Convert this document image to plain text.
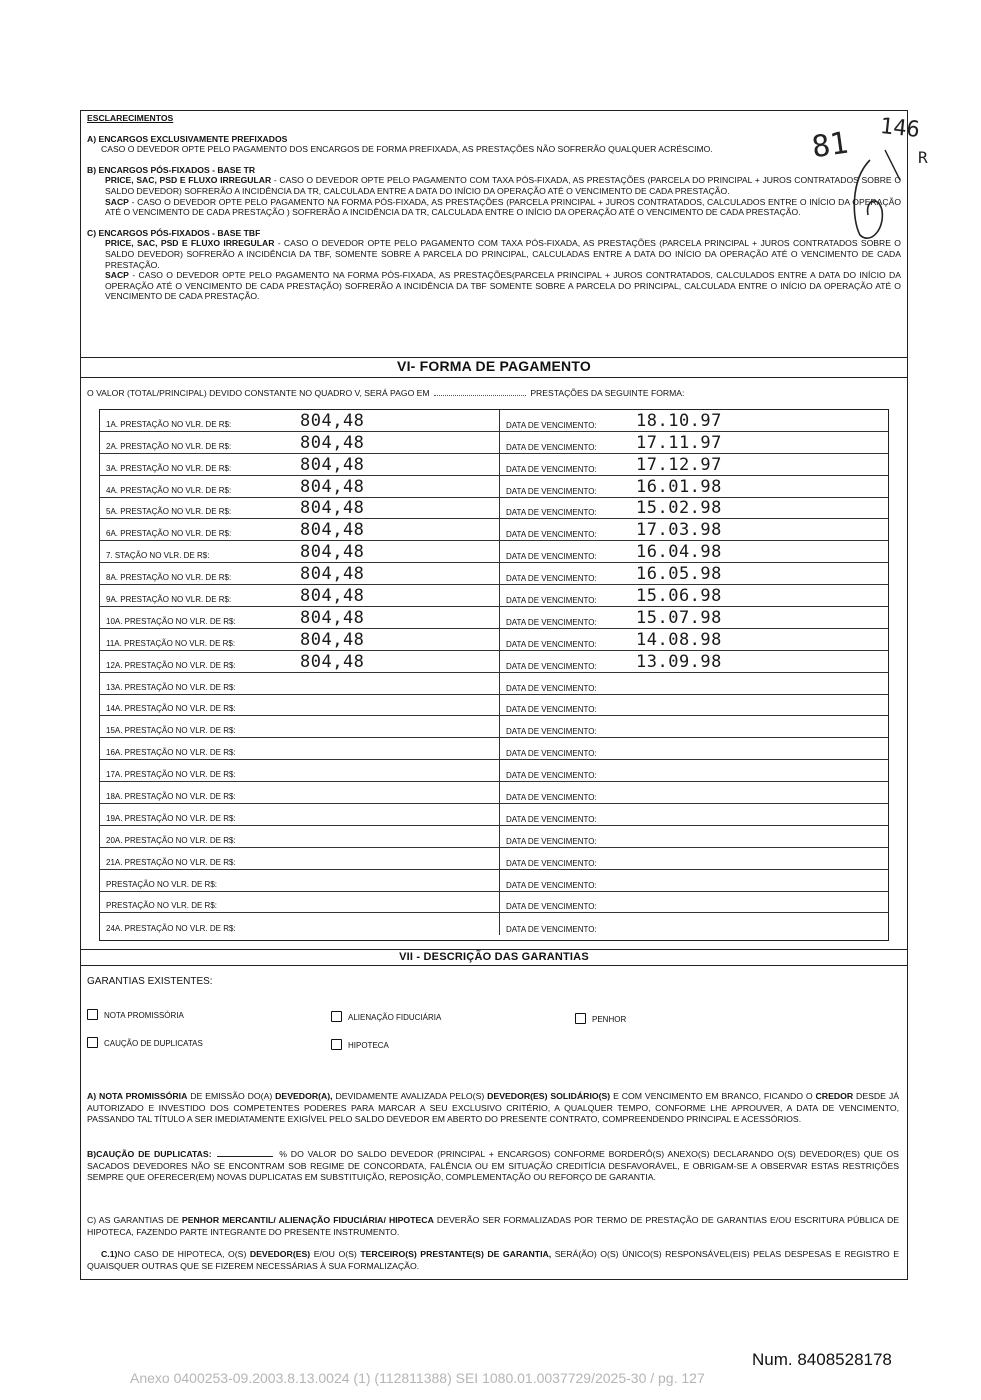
ESCLARECIMENTOS

A) ENCARGOS EXCLUSIVAMENTE PREFIXADOS

CASO O DEVEDOR OPTE PELO PAGAMENTO DOS ENCARGOS DE FORMA PREFIXADA, AS PRESTAÇÕES NÃO SOFRERÃO QUALQUER ACRÉSCIMO.

B) ENCARGOS PÓS-FIXADOS - BASE TR

PRICE, SAC, PSD E FLUXO IRREGULAR - CASO O DEVEDOR OPTE PELO PAGAMENTO COM TAXA PÓS-FIXADA, AS PRESTAÇÕES (PARCELA DO PRINCIPAL + JUROS CONTRATADOS SOBRE O SALDO DEVEDOR) SOFRERÃO A INCIDÊNCIA DA TR, CALCULADA ENTRE A DATA DO INÍCIO DA OPERAÇÃO ATÉ O VENCIMENTO DE CADA PRESTAÇÃO.

SACP - CASO O DEVEDOR OPTE PELO PAGAMENTO NA FORMA PÓS-FIXADA, AS PRESTAÇÕES (PARCELA PRINCIPAL + JUROS CONTRATADOS, CALCULADOS ENTRE O INÍCIO DA OPERAÇÃO ATÉ O VENCIMENTO DE CADA PRESTAÇÃO ) SOFRERÃO A INCIDÊNCIA DA TR, CALCULADA ENTRE O INÍCIO DA OPERAÇÃO ATÉ O VENCIMENTO DE CADA PRESTAÇÃO.

C) ENCARGOS PÓS-FIXADOS - BASE TBF

PRICE, SAC, PSD E FLUXO IRREGULAR - CASO O DEVEDOR OPTE PELO PAGAMENTO COM TAXA PÓS-FIXADA, AS PRESTAÇÕES (PARCELA PRINCIPAL + JUROS CONTRATADOS SOBRE O SALDO DEVEDOR) SOFRERÃO A INCIDÊNCIA DA TBF, SOMENTE SOBRE A PARCELA DO PRINCIPAL, CALCULADAS ENTRE A DATA DO INÍCIO DA OPERAÇÃO ATÉ O VENCIMENTO DE CADA PRESTAÇÃO.

SACP - CASO O DEVEDOR OPTE PELO PAGAMENTO NA FORMA PÓS-FIXADA, AS PRESTAÇÕES(PARCELA PRINCIPAL + JUROS CONTRATADOS, CALCULADOS ENTRE A DATA DO INÍCIO DA OPERAÇÃO ATÉ O VENCIMENTO DE CADA PRESTAÇÃO) SOFRERÃO A INCIDÊNCIA DA TBF SOMENTE SOBRE A PARCELA DO PRINCIPAL, CALCULADA ENTRE O INÍCIO DA OPERAÇÃO ATÉ O VENCIMENTO DE CADA PRESTAÇÃO.

VI- FORMA DE PAGAMENTO
O VALOR (TOTAL/PRINCIPAL) DEVIDO CONSTANTE NO QUADRO V, SERÁ PAGO EM	PRESTAÇÕES DA SEGUINTE FORMA:
1A. PRESTAÇÃO NO VLR. DE R$:	804,48	DATA DE VENCIMENTO: 18.10.97
2A. PRESTAÇÃO NO VLR. DE R$:	804,48	DATA DE VENCIMENTO: 17.11.97
3A. PRESTAÇÃO NO VLR. DE R$:	804,48	DATA DE VENCIMENTO: 17.12.97
4A. PRESTAÇÃO NO VLR. DE R$:	804,48	DATA DE VENCIMENTO: 16.01.98
5A. PRESTAÇÃO NO VLR. DE R$:	804,48	DATA DE VENCIMENTO: 15.02.98
6A. PRESTAÇÃO NO VLR. DE R$:	804,48	DATA DE VENCIMENTO: 17.03.98
7. STAÇÃO NO VLR. DE R$:	804,48	DATA DE VENCIMENTO: 16.04.98
8A. PRESTAÇÃO NO VLR. DE R$:	804,48	DATA DE VENCIMENTO: 16.05.98
9A. PRESTAÇÃO NO VLR. DE R$:	804,48	DATA DE VENCIMENTO: 15.06.98
10A. PRESTAÇÃO NO VLR. DE R$:	804,48	DATA DE VENCIMENTO: 15.07.98
11A. PRESTAÇÃO NO VLR. DE R$:	804,48	DATA DE VENCIMENTO: 14.08.98
12A. PRESTAÇÃO NO VLR. DE R$:	804,48	DATA DE VENCIMENTO: 13.09.98
13A. PRESTAÇÃO NO VLR. DE R$:	DATA DE VENCIMENTO:
14A. PRESTAÇÃO NO VLR. DE R$:	DATA DE VENCIMENTO:
15A. PRESTAÇÃO NO VLR. DE R$:	DATA DE VENCIMENTO:
16A. PRESTAÇÃO NO VLR. DE R$:	DATA DE VENCIMENTO:
17A. PRESTAÇÃO NO VLR. DE R$:	DATA DE VENCIMENTO:
18A. PRESTAÇÃO NO VLR. DE R$:	DATA DE VENCIMENTO:
19A. PRESTAÇÃO NO VLR. DE R$:	DATA DE VENCIMENTO:
20A. PRESTAÇÃO NO VLR. DE R$:	DATA DE VENCIMENTO:
21A. PRESTAÇÃO NO VLR. DE R$:	DATA DE VENCIMENTO:
PRESTAÇÃO NO VLR. DE R$:	DATA DE VENCIMENTO:
PRESTAÇÃO NO VLR. DE R$:	DATA DE VENCIMENTO:
24A. PRESTAÇÃO NO VLR. DE R$:	DATA DE VENCIMENTO:
VII - DESCRIÇÃO DAS GARANTIAS
GARANTIAS EXISTENTES:
NOTA PROMISSÓRIA	ALIENAÇÃO FIDUCIÁRIA	PENHOR
CAUÇÃO DE DUPLICATAS	HIPOTECA
A) NOTA PROMISSÓRIA DE EMISSÃO DO(A) DEVEDOR(A), DEVIDAMENTE AVALIZADA PELO(S) DEVEDOR(ES) SOLIDÁRIO(S) E COM VENCIMENTO EM BRANCO, FICANDO O CREDOR DESDE JÁ AUTORIZADO E INVESTIDO DOS COMPETENTES PODERES PARA MARCAR A SEU EXCLUSIVO CRITÉRIO, A QUALQUER TEMPO, CONFORME LHE APROUVER, A DATA DE VENCIMENTO, PASSANDO TAL TÍTULO A SER IMEDIATAMENTE EXIGÍVEL PELO SALDO DEVEDOR EM ABERTO DO PRESENTE CONTRATO, COMPREENDENDO PRINCIPAL E ACESSÓRIOS.
B)CAUÇÃO DE DUPLICATAS:	% DO VALOR DO SALDO DEVEDOR (PRINCIPAL + ENCARGOS) CONFORME BORDERÔ(S) ANEXO(S) DECLARANDO O(S) DEVEDOR(ES) QUE OS SACADOS DEVEDORES NÃO SE ENCONTRAM SOB REGIME DE CONCORDATA, FALÊNCIA OU EM SITUAÇÃO CREDITÍCIA DESFAVORÁVEL, E OBRIGAM-SE A OBSERVAR ESTAS RESTRIÇÕES SEMPRE QUE OFERECER(EM) NOVAS DUPLICATAS EM SUBSTITUIÇÃO, REPOSIÇÃO, COMPLEMENTAÇÃO OU REFORÇO DE GARANTIA.
C) AS GARANTIAS DE PENHOR MERCANTIL/ ALIENAÇÃO FIDUCIÁRIA/ HIPOTECA DEVERÃO SER FORMALIZADAS POR TERMO DE PRESTAÇÃO DE GARANTIAS E/OU ESCRITURA PÚBLICA DE HIPOTECA, FAZENDO PARTE INTEGRANTE DO PRESENTE INSTRUMENTO.
C.1)NO CASO DE HIPOTECA, O(S) DEVEDOR(ES) E/OU O(S) TERCEIRO(S) PRESTANTE(S) DE GARANTIA, SERÁ(ÃO) O(S) ÚNICO(S) RESPONSÁVEL(EIS) PELAS DESPESAS E REGISTRO E QUAISQUER OUTRAS QUE SE FIZEREM NECESSÁRIAS À SUA FORMALIZAÇÃO.
81 146
R
Num. 8408528178
Anexo 0400253-09.2003.8.13.0024 (1) (112811388) SEI 1080.01.0037729/2025-30 / pg. 127
